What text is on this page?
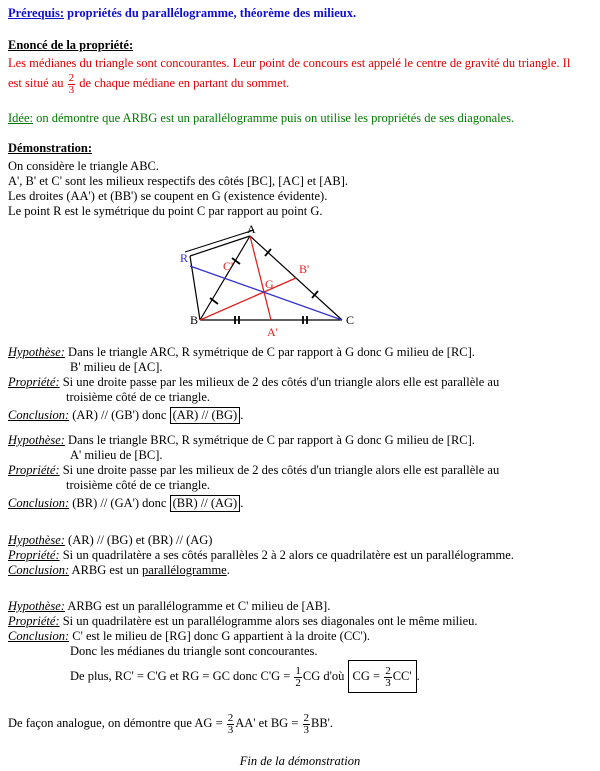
Prérequis: propriétés du parallélogramme, théorème des milieux.
Enoncé de la propriété:
Les médianes du triangle sont concourantes. Leur point de concours est appelé le centre de gravité du triangle. Il
est situé au $\frac{2}{3}$ de chaque médiane en partant du sommet.
Idée: on démontre que ARBG est un parallélogramme puis on utilise les propriétés de ses diagonales.
Démonstration:
On considère le triangle ABC.
A', B' et C' sont les milieux respectifs des côtés [BC], [AC] et [AB].
Les droites (AA') et (BB') se coupent en G (existence évidente).
Le point R est le symétrique du point C par rapport au point G.
A
B	C
R
G
A'
B'
C'
Hypothèse: Dans le triangle ARC, R symétrique de C par rapport à G donc G milieu de [RC].
B' milieu de [AC].
Propriété: Si une droite passe par les milieux de 2 des côtés d'un triangle alors elle est parallèle au
troisième côté de ce triangle.
Conclusion: (AR) // (GB') donc (AR) // (BG) .
Hypothèse: Dans le triangle BRC, R symétrique de C par rapport à G donc G milieu de [RC].
A' milieu de [BC].
Propriété: Si une droite passe par les milieux de 2 des côtés d'un triangle alors elle est parallèle au
troisième côté de ce triangle.
Conclusion: (BR) // (GA') donc (BR) // (AG) .
Hypothèse: (AR) // (BG) et (BR) // (AG)
Propriété: Si un quadrilatère a ses côtés parallèles 2 à 2 alors ce quadrilatère est un parallélogramme.
Conclusion: ARBG est un parallélogramme.
Hypothèse: ARBG est un parallélogramme et C' milieu de [AB].
Propriété: Si un quadrilatère est un parallélogramme alors ses diagonales ont le même milieu.
Conclusion: C' est le milieu de [RG] donc G appartient à la droite (CC').
Donc les médianes du triangle sont concourantes.
De plus, RC' = C'G et RG = GC donc $C'G = \frac{1}{2}$ CG d'où CG = $\frac{2}{3} CC'$ .
De façon analogue, on démontre que AG = $\frac{2}{3} AA'$ et BG = $\frac{2}{3} BB'$.
Fin de la démonstration
